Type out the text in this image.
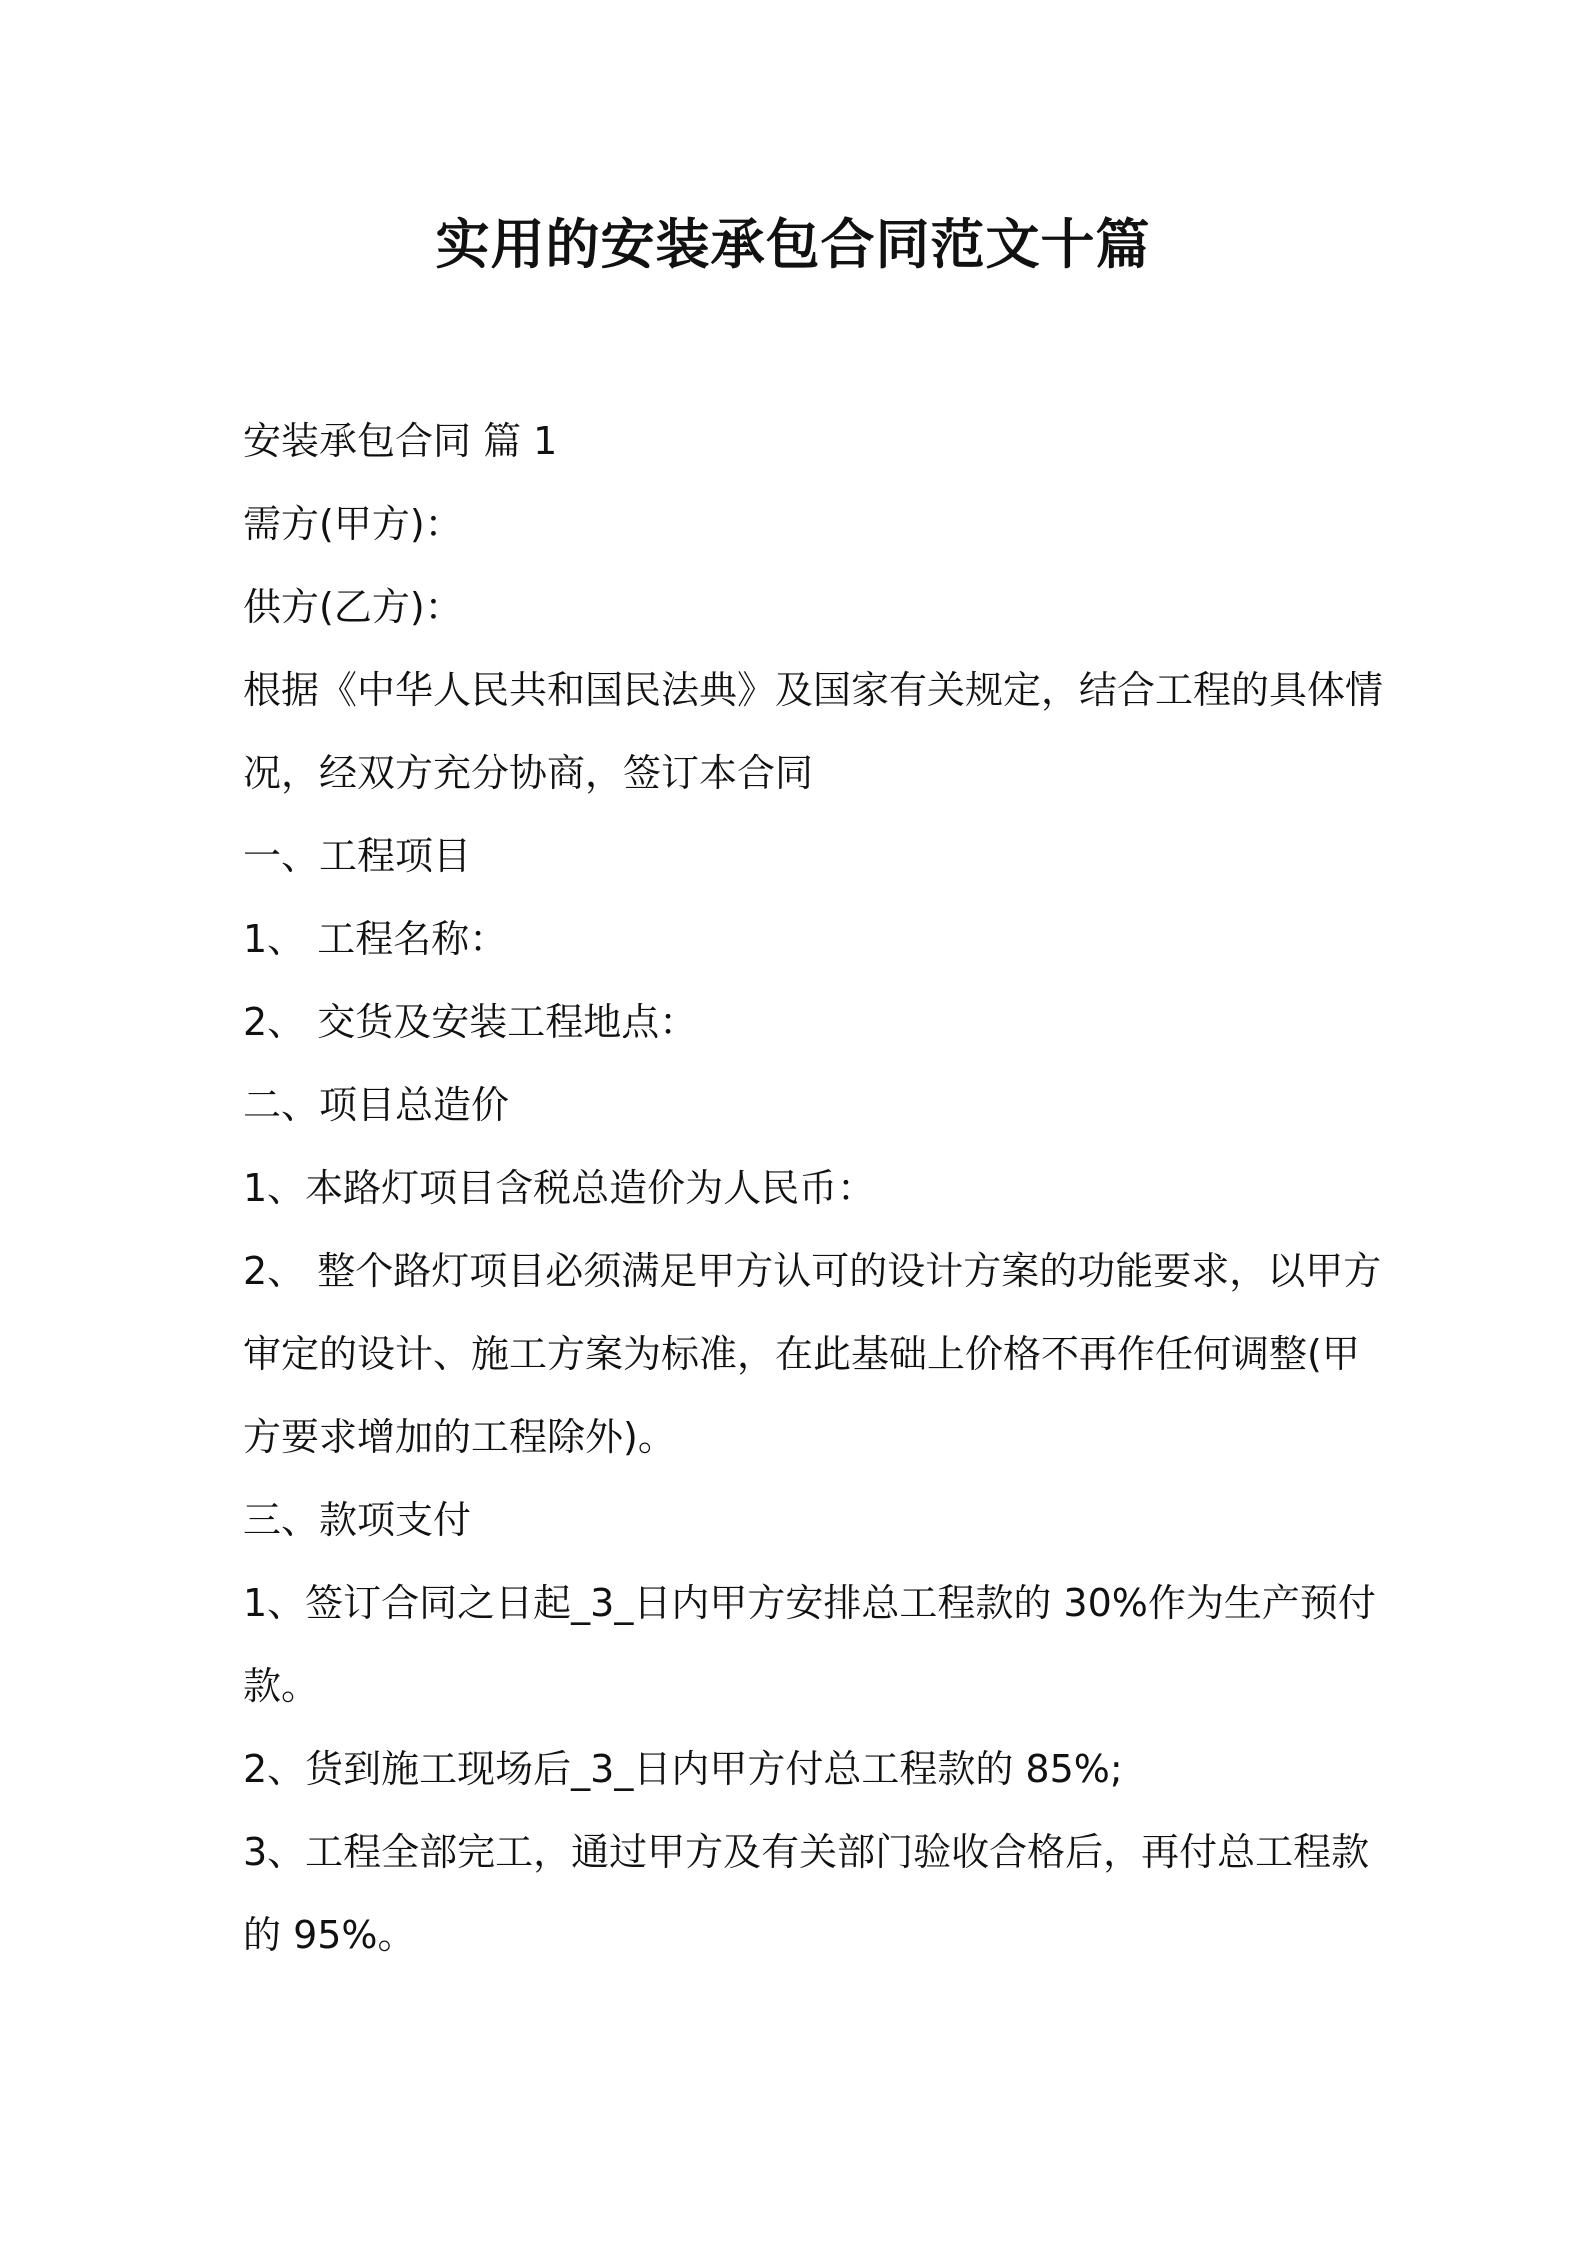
实用的安装承包合同范文十篇
安装承包合同 篇 1
需方(甲方)：
供方(乙方)：
根据《中华人民共和国民法典》及国家有关规定，结合工程的具体情
况，经双方充分协商，签订本合同
一、工程项目
1、 工程名称：
2、 交货及安装工程地点：
二、项目总造价
1、本路灯项目含税总造价为人民币：
2、 整个路灯项目必须满足甲方认可的设计方案的功能要求，以甲方
审定的设计、施工方案为标准，在此基础上价格不再作任何调整(甲
方要求增加的工程除外)。
三、款项支付
1、签订合同之日起_3_日内甲方安排总工程款的 30%作为生产预付
款。
2、货到施工现场后_3_日内甲方付总工程款的 85%;
3、工程全部完工，通过甲方及有关部门验收合格后，再付总工程款
的 95%。
